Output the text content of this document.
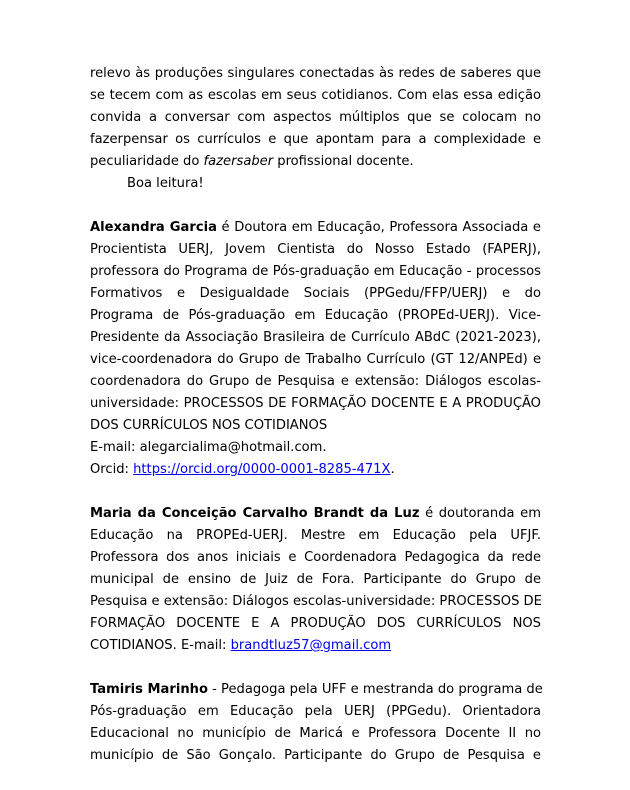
relevo às produções singulares conectadas às redes de saberes que
se tecem com as escolas em seus cotidianos. Com elas essa edição
convida a conversar com aspectos múltiplos que se colocam no
fazerpensar os currículos e que apontam para a complexidade e
peculiaridade do fazersaber profissional docente.
Boa leitura!
Alexandra Garcia é Doutora em Educação, Professora Associada e
Procientista UERJ, Jovem Cientista do Nosso Estado (FAPERJ),
professora do Programa de Pós-graduação em Educação - processos
Formativos e Desigualdade Sociais (PPGedu/FFP/UERJ) e do
Programa de Pós-graduação em Educação (PROPEd-UERJ). Vice-
Presidente da Associação Brasileira de Currículo ABdC (2021-2023),
vice-coordenadora do Grupo de Trabalho Currículo (GT 12/ANPEd) e
coordenadora do Grupo de Pesquisa e extensão: Diálogos escolas-
universidade: PROCESSOS DE FORMAÇÃO DOCENTE E A PRODUÇÃO
DOS CURRÍCULOS NOS COTIDIANOS
E-mail: alegarcialima@hotmail.com.
Orcid: https://orcid.org/0000-0001-8285-471X.
Maria da Conceição Carvalho Brandt da Luz é doutoranda em
Educação na PROPEd-UERJ. Mestre em Educação pela UFJF.
Professora dos anos iniciais e Coordenadora Pedagogica da rede
municipal de ensino de Juiz de Fora. Participante do Grupo de
Pesquisa e extensão: Diálogos escolas-universidade: PROCESSOS DE
FORMAÇÃO DOCENTE E A PRODUÇÃO DOS CURRÍCULOS NOS
COTIDIANOS. E-mail: brandtluz57@gmail.com
Tamiris Marinho - Pedagoga pela UFF e mestranda do programa de
Pós-graduação em Educação pela UERJ (PPGedu). Orientadora
Educacional no município de Maricá e Professora Docente II no
município de São Gonçalo. Participante do Grupo de Pesquisa e
